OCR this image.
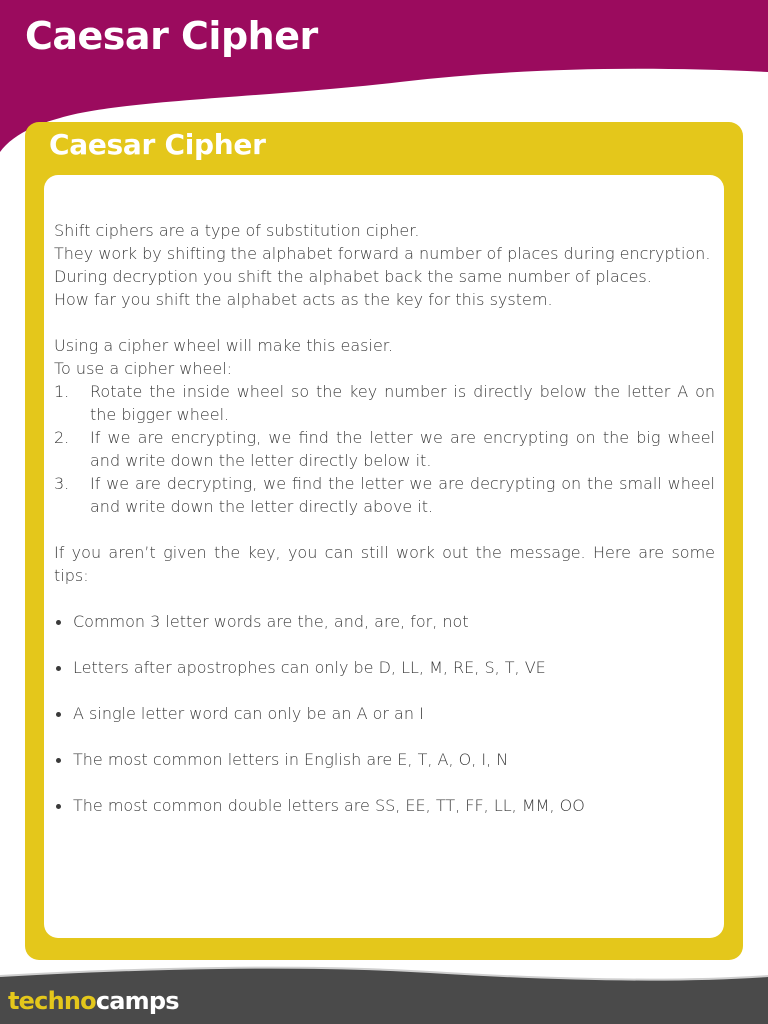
Caesar Cipher
Caesar Cipher

Shift ciphers are a type of substitution cipher.

They work by shifting the alphabet forward a number of places during encryption.

During decryption you shift the alphabet back the same number of places.

How far you shift the alphabet acts as the key for this system.

Using a cipher wheel will make this easier.

To use a cipher wheel:

1. Rotate the inside wheel so the key number is directly below the letter A on the bigger wheel.
2. If we are encrypting, we find the letter we are encrypting on the big wheel and write down the letter directly below it.
3. If we are decrypting, we find the letter we are decrypting on the small wheel and write down the letter directly above it.

If you aren’t given the key, you can still work out the message. Here are some tips:

Common 3 letter words are the, and, are, for, not
Letters after apostrophes can only be D, LL, M, RE, S, T, VE
A single letter word can only be an A or an I
The most common letters in English are E, T, A, O, I, N
The most common double letters are SS, EE, TT, FF, LL, MM, OO
technocamps
